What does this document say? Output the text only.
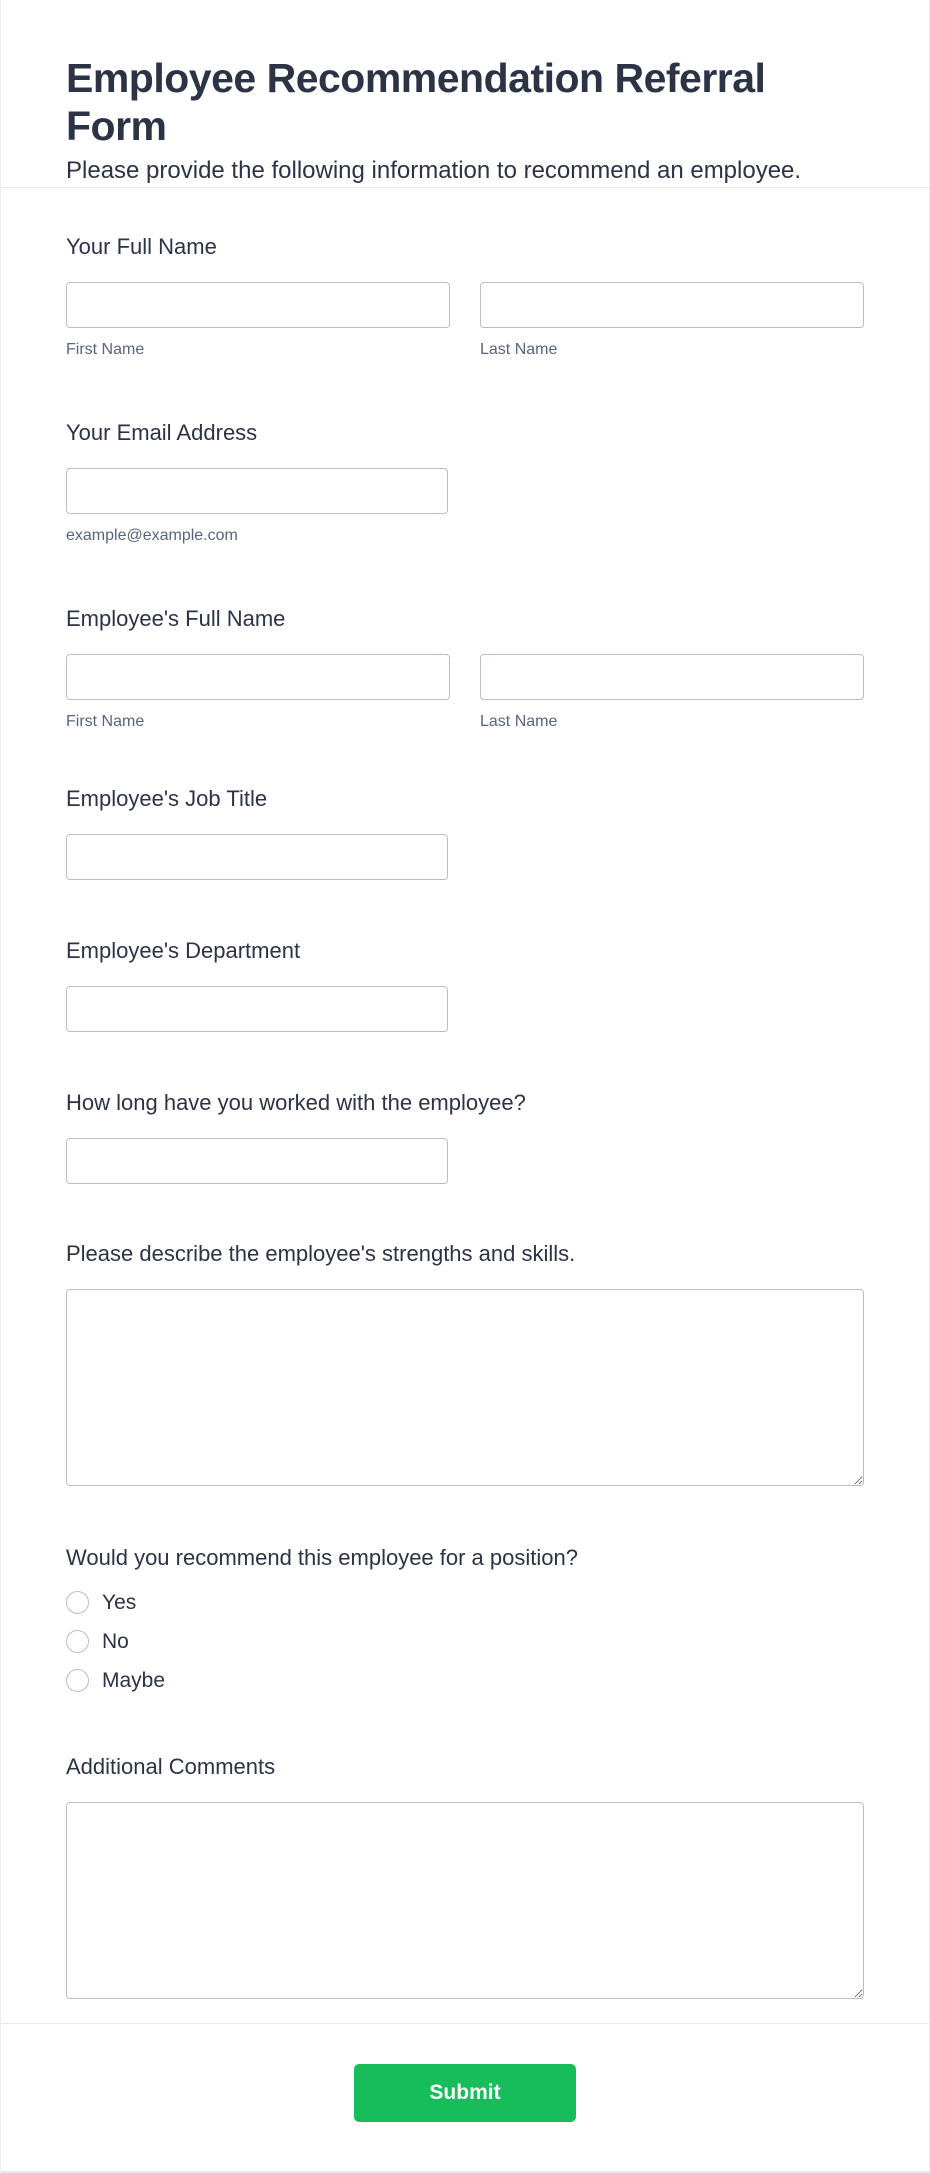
Employee Recommendation Referral Form

Please provide the following information to recommend an employee.

Your Full Name
First Name	Last Name
Your Email Address
example@example.com
Employee's Full Name
First Name	Last Name
Employee's Job Title
Employee's Department
How long have you worked with the employee?
Please describe the employee's strengths and skills.
Would you recommend this employee for a position?
Yes
No
Maybe
Additional Comments
Submit
